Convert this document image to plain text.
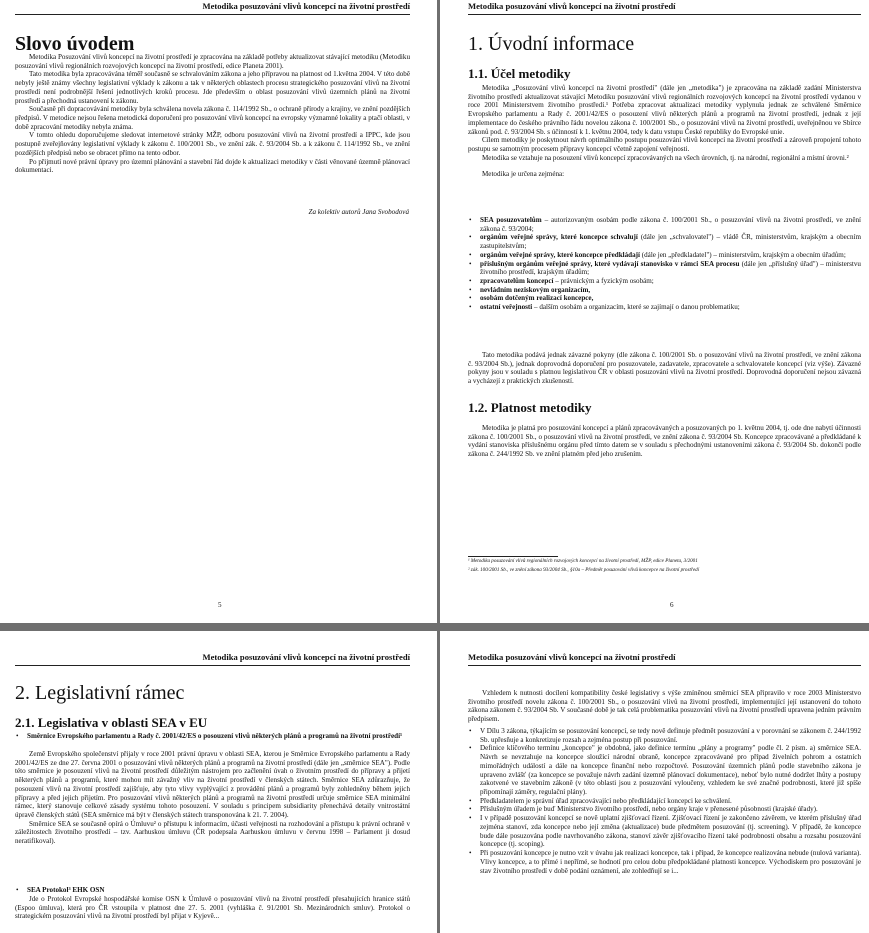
Metodika posuzování vlivů koncepcí na životní prostředí
Slovo úvodem

Metodika Posuzování vlivů koncepcí na životní prostředí je zpracována na základě potřeby aktualizovat stávající metodiku (Metodiku posuzování vlivů regionálních rozvojových koncepcí na životní prostředí, edice Planeta 2001).

Tato metodika byla zpracovávána téměř současně se schvalováním zákona a jeho přípravou na platnost od 1.května 2004. V této době nebyly ještě známy všechny legislativní výklady k zákonu a tak v některých oblastech procesu strategického posuzování vlivů na životní prostředí není podrobnější řešení jednotlivých kroků procesu. Jde především o oblast posuzování vlivů územních plánů na životní prostředí a přechodná ustanovení k zákonu.

Současně při dopracovávání metodiky byla schválena novela zákona č. 114/1992 Sb., o ochraně přírody a krajiny, ve znění pozdějších předpisů. V metodice nejsou řešena metodická doporučení pro posuzování vlivů koncepcí na evropsky významné lokality a ptačí oblasti, v době zpracování metodiky nebyla známa.

V tomto ohledu doporučujeme sledovat internetové stránky MŽP, odboru posuzování vlivů na životní prostředí a IPPC, kde jsou postupně zveřejňovány legislativní výklady k zákonu č. 100/2001 Sb., ve znění zák. č. 93/2004 Sb. a k zákonu č. 114/1992 Sb., ve znění pozdějších předpisů nebo se obracet přímo na tento odbor.

Po přijmutí nové právní úpravy pro územní plánování a stavební řád dojde k aktualizaci metodiky v části věnované územně plánovací dokumentaci.

Za kolektiv autorů Jana Svobodová
5
Metodika posuzování vlivů koncepcí na životní prostředí
1. Úvodní informace
1.1. Účel metodiky

Metodika „Posuzování vlivů koncepcí na životní prostředí" (dále jen „metodika") je zpracována na základě zadání Ministerstva životního prostředí aktualizovat stávající Metodiku posuzování vlivů regionálních rozvojových koncepcí na životní prostředí vydanou v roce 2001 Ministerstvem životního prostředí.¹ Potřeba zpracovat aktualizaci metodiky vyplynula jednak ze schválené Směrnice Evropského parlamentu a Rady č. 2001/42/ES o posouzení vlivů některých plánů a programů na životní prostředí, jednak z její implementace do českého právního řádu novelou zákona č. 100/2001 Sb., o posuzování vlivů na životní prostředí, uveřejněnou ve Sbírce zákonů pod. č. 93/2004 Sb. s účinností k 1. květnu 2004, tedy k datu vstupu České republiky do Evropské unie.

Cílem metodiky je poskytnout návrh optimálního postupu posuzování vlivů koncepcí na životní prostředí a zároveň propojení tohoto postupu se samotným procesem přípravy koncepcí včetně zapojení veřejnosti.

Metodika se vztahuje na posouzení vlivů koncepcí zpracovávaných na všech úrovních, tj. na národní, regionální a místní úrovni.²

Metodika je určena zejména:

• SEA posuzovatelům – autorizovaným osobám podle zákona č. 100/2001 Sb., o posuzování vlivů na životní prostředí, ve znění zákona č. 93/2004;
• orgánům veřejné správy, které koncepce schvalují (dále jen „schvalovatel") – vládě ČR, ministerstvům, krajským a obecním zastupitelstvům;
• orgánům veřejné správy, které koncepce předkládají (dále jen „předkladatel") – ministerstvům, krajským a obecním úřadům;
• příslušným orgánům veřejné správy, které vydávají stanovisko v rámci SEA procesu (dále jen „příslušný úřad") – ministerstvu životního prostředí, krajským úřadům;
• zpracovatelům koncepcí – právnickým a fyzickým osobám;
• nevládním neziskovým organizacím,
• osobám dotčeným realizací koncepce,
• ostatní veřejnosti – dalším osobám a organizacím, které se zajímají o danou problematiku;

Tato metodika podává jednak závazné pokyny (dle zákona č. 100/2001 Sb. o posuzování vlivů na životní prostředí, ve znění zákona č. 93/2004 Sb.), jednak doprovodná doporučení pro posuzovatele, zadavatele, zpracovatele a schvalovatele koncepcí (viz výše). Závazné pokyny jsou v souladu s platnou legislativou ČR v oblasti posuzování vlivů na životní prostředí. Doprovodná doporučení nejsou závazná a vycházejí z praktických zkušeností.

1.2. Platnost metodiky

Metodika je platná pro posuzování koncepcí a plánů zpracovávaných a posuzovaných po 1. květnu 2004, tj. ode dne nabytí účinnosti zákona č. 100/2001 Sb., o posuzování vlivů na životní prostředí, ve znění zákona č. 93/2004 Sb. Koncepce zpracovávané a předkládané k vydání stanoviska příslušnému orgánu před tímto datem se v souladu s přechodnými ustanoveními zákona č. 93/2004 Sb. dokončí podle zákona č. 244/1992 Sb. ve znění platném před jeho zrušením.

¹ Metodika posuzování vlivů regionálních rozvojových koncepcí na životní prostředí, MŽP, edice Planeta, 3/2001
² zák. 100/2001 Sb., ve znění zákona 93/2004 Sb., §10a – Předmět posuzování vlivů koncepce na životní prostředí
6
Metodika posuzování vlivů koncepcí na životní prostředí
2. Legislativní rámec
2.1. Legislativa v oblasti SEA v EU
• Směrnice Evropského parlamentu a Rady č. 2001/42/ES o posouzení vlivů některých plánů a programů na životní prostředí¹

Země Evropského společenství přijaly v roce 2001 právní úpravu v oblasti SEA, kterou je Směrnice Evropského parlamentu a Rady 2001/42/ES ze dne 27. června 2001 o posuzování vlivů některých plánů a programů na životní prostředí (dále jen „směrnice SEA"). Podle této směrnice je posouzení vlivů na životní prostředí důležitým nástrojem pro začlenění úvah o životním prostředí do přípravy a přijetí některých plánů a programů, které mohou mít závažný vliv na životní prostředí v členských státech. Směrnice SEA zdůrazňuje, že posouzení vlivů na životní prostředí zajišťuje, aby tyto vlivy vyplývající z provádění plánů a programů byly zohledněny během jejich přípravy a před jejich přijetím. Pro posuzování vlivů některých plánů a programů na životní prostředí určuje směrnice SEA minimální rámec, který stanovuje celkové zásady systému tohoto posouzení. V souladu s principem subsidiarity přenechává detaily vnitrostátní úpravě členských států (SEA směrnice má být v členských státech transponována k 21. 7. 2004).

Směrnice SEA se současně opírá o Úmluvu² o přístupu k informacím, účasti veřejnosti na rozhodování a přístupu k právní ochraně v záležitostech životního prostředí – tzv. Aarhuskou úmluvu (ČR podepsala Aarhuskou úmluvu v červnu 1998 – Parlament ji dosud neratifikoval).

• SEA Protokol³ EHK OSN

Jde o Protokol Evropské hospodářské komise OSN k Úmluvě o posuzování vlivů na životní prostředí přesahujících hranice států (Espoo úmluva), která pro ČR vstoupila v platnost dne 27. 5. 2001 (vyhláška č. 91/2001 Sb. Mezinárodních smluv). Protokol o strategickém posuzování vlivů na životní prostředí byl přijat v Kyjevě...

Metodika posuzování vlivů koncepcí na životní prostředí

Vzhledem k nutnosti docílení kompatibility české legislativy s výše zmíněnou směrnicí SEA připravilo v roce 2003 Ministerstvo životního prostředí novelu zákona č. 100/2001 Sb., o posuzování vlivů na životní prostředí, implementující její ustanovení do tohoto zákona zákonem č. 93/2004 Sb. V současné době je tak celá problematika posuzování vlivů na životní prostředí upravena jedním právním předpisem.

• V Dílu 3 zákona, týkajícím se posuzování koncepcí, se tedy nově definuje předmět posuzování a v porovnání se zákonem č. 244/1992 Sb. upřesňuje a konkretizuje rozsah a zejména postup při posuzování.
• Definice klíčového termínu „koncepce" je obdobná, jako definice termínu „plány a programy" podle čl. 2 písm. a) směrnice SEA. Návrh se nevztahuje na koncepce sloužící národní obraně, koncepce zpracovávané pro případ živelních pohrom a ostatních mimořádných událostí a dále na koncepce finanční nebo rozpočtové. Posuzování územních plánů podle stavebního zákona je upraveno zvlášť (za koncepce se považuje návrh zadání územně plánovací dokumentace), neboť bylo nutné dodržet lhůty a postupy zakotvené ve stavebním zákoně (v této oblasti jsou z posuzování vyloučeny, vzhledem ke své značné podrobnosti, které již spíše připomínají záměry, regulační plány).
• Předkladatelem je správní úřad zpracovávající nebo předkládající koncepci ke schválení.
• Příslušným úřadem je buď Ministerstvo životního prostředí, nebo orgány kraje v přenesené působnosti (krajské úřady).
• I v případě posuzování koncepcí se nově uplatní zjišťovací řízení. Zjišťovací řízení je zakončeno závěrem, ve kterém příslušný úřad zejména stanoví, zda koncepce nebo její změna (aktualizace) bude předmětem posuzování (tj. screening). V případě, že koncepce bude dále posuzována podle navrhovaného zákona, stanoví závěr zjišťovacího řízení také podrobnosti obsahu a rozsahu posuzování koncepce (tj. scoping).
• Při posuzování koncepce je nutno vzít v úvahu jak realizaci koncepce, tak i případ, že koncepce realizována nebude (nulová varianta). Vlivy koncepce, a to přímé i nepřímé, se hodnotí pro celou dobu předpokládané platnosti koncepce. Východiskem pro posuzování je stav životního prostředí v době podání oznámení, ale zohledňují se i...
